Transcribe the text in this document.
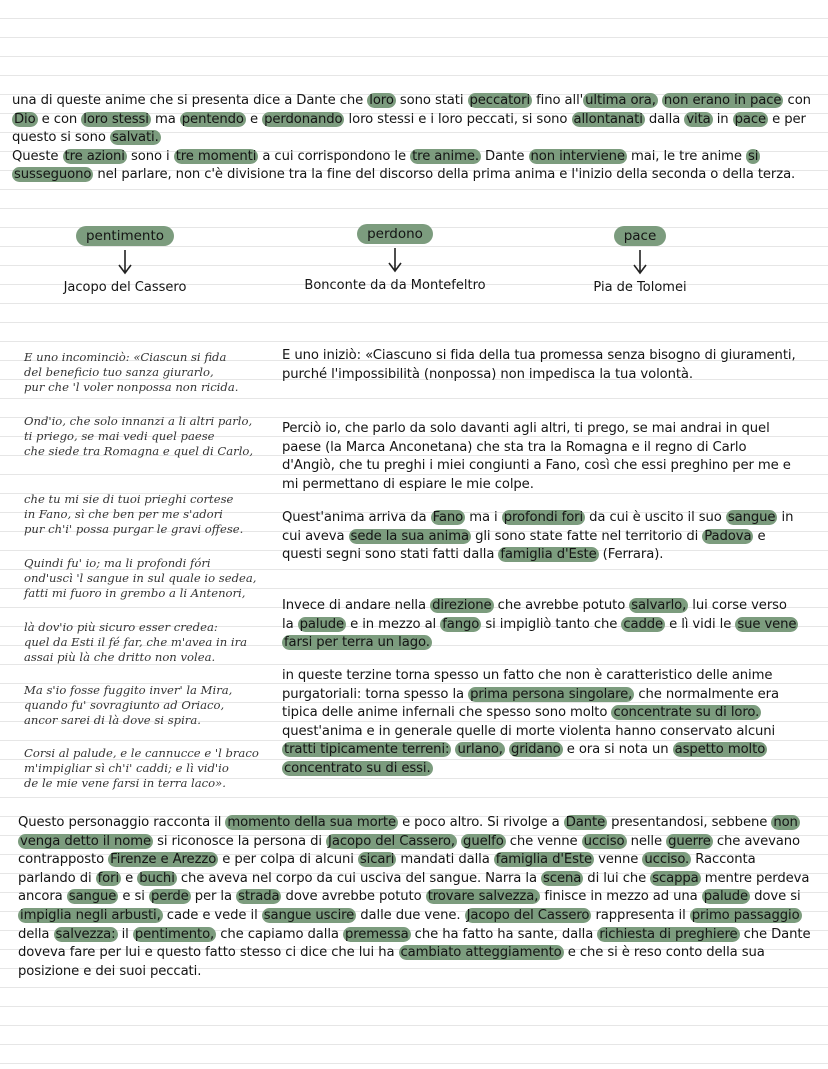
una di queste anime che si presenta dice a Dante che loro sono stati peccatori fino all' ultima ora, non erano in pace con Dio e con loro stessi ma pentendo e perdonando loro stessi e i loro peccati, si sono allontanati dalla vita in pace e per questo si sono salvati.
Queste tre azioni sono i tre momenti a cui corrispondono le tre anime. Dante non interviene mai, le tre anime si susseguono nel parlare, non c'è divisione tra la fine del discorso della prima anima e l'inizio della seconda o della terza.
pentimento
Jacopo del Cassero
perdono
Bonconte da da Montefeltro
pace
Pia de Tolomei
E uno incominciò: «Ciascun si fida
del beneficio tuo sanza giurarlo,
pur che 'l voler nonpossa non ricida.
Ond'io, che solo innanzi a li altri parlo,
ti priego, se mai vedi quel paese
che siede tra Romagna e quel di Carlo,
che tu mi sie di tuoi prieghi cortese
in Fano, sì che ben per me s'adori
pur ch'i' possa purgar le gravi offese.
Quindi fu' io; ma li profondi fóri
ond'uscì 'l sangue in sul quale io sedea,
fatti mi fuoro in grembo a li Antenori,
là dov'io più sicuro esser credea:
quel da Esti il fé far, che m'avea in ira
assai più là che dritto non volea.
Ma s'io fosse fuggito inver' la Mira,
quando fu' sovragiunto ad Oriaco,
ancor sarei di là dove si spira.
Corsi al palude, e le cannucce e 'l braco
m'impigliar sì ch'i' caddi; e lì vid'io
de le mie vene farsi in terra laco».
E uno iniziò: «Ciascuno si fida della tua promessa senza bisogno di giuramenti, purché l'impossibilità (nonpossa) non impedisca la tua volontà.
Perciò io, che parlo da solo davanti agli altri, ti prego, se mai andrai in quel paese (la Marca Anconetana) che sta tra la Romagna e il regno di Carlo d'Angiò, che tu preghi i miei congiunti a Fano, così che essi preghino per me e mi permettano di espiare le mie colpe.
Quest'anima arriva da Fano ma i profondi fori da cui è uscito il suo sangue in cui aveva sede la sua anima gli sono state fatte nel territorio di Padova e questi segni sono stati fatti dalla famiglia d'Este (Ferrara).
Invece di andare nella direzione che avrebbe potuto salvarlo, lui corse verso la palude e in mezzo al fango si impigliò tanto che cadde e lì vidi le sue vene farsi per terra un lago.
in queste terzine torna spesso un fatto che non è caratteristico delle anime purgatoriali: torna spesso la prima persona singolare, che normalmente era tipica delle anime infernali che spesso sono molto concentrate su di loro. quest'anima e in generale quelle di morte violenta hanno conservato alcuni tratti tipicamente terreni: urlano, gridano e ora si nota un aspetto molto concentrato su di essi.
Questo personaggio racconta il momento della sua morte e poco altro. Si rivolge a Dante presentandosi, sebbene non venga detto il nome si riconosce la persona di Jacopo del Cassero, guelfo che venne ucciso nelle guerre che avevano contrapposto Firenze e Arezzo e per colpa di alcuni sicari mandati dalla famiglia d'Este venne ucciso. Racconta parlando di fori e buchi che aveva nel corpo da cui usciva del sangue. Narra la scena di lui che scappa mentre perdeva ancora sangue e si perde per la strada dove avrebbe potuto trovare salvezza, finisce in mezzo ad una palude dove si impiglia negli arbusti, cade e vede il sangue uscire dalle due vene. Jacopo del Cassero rappresenta il primo passaggio della salvezza: il pentimento, che capiamo dalla premessa che ha fatto ha sante, dalla richiesta di preghiere che Dante doveva fare per lui e questo fatto stesso ci dice che lui ha cambiato atteggiamento e che si è reso conto della sua posizione e dei suoi peccati.
